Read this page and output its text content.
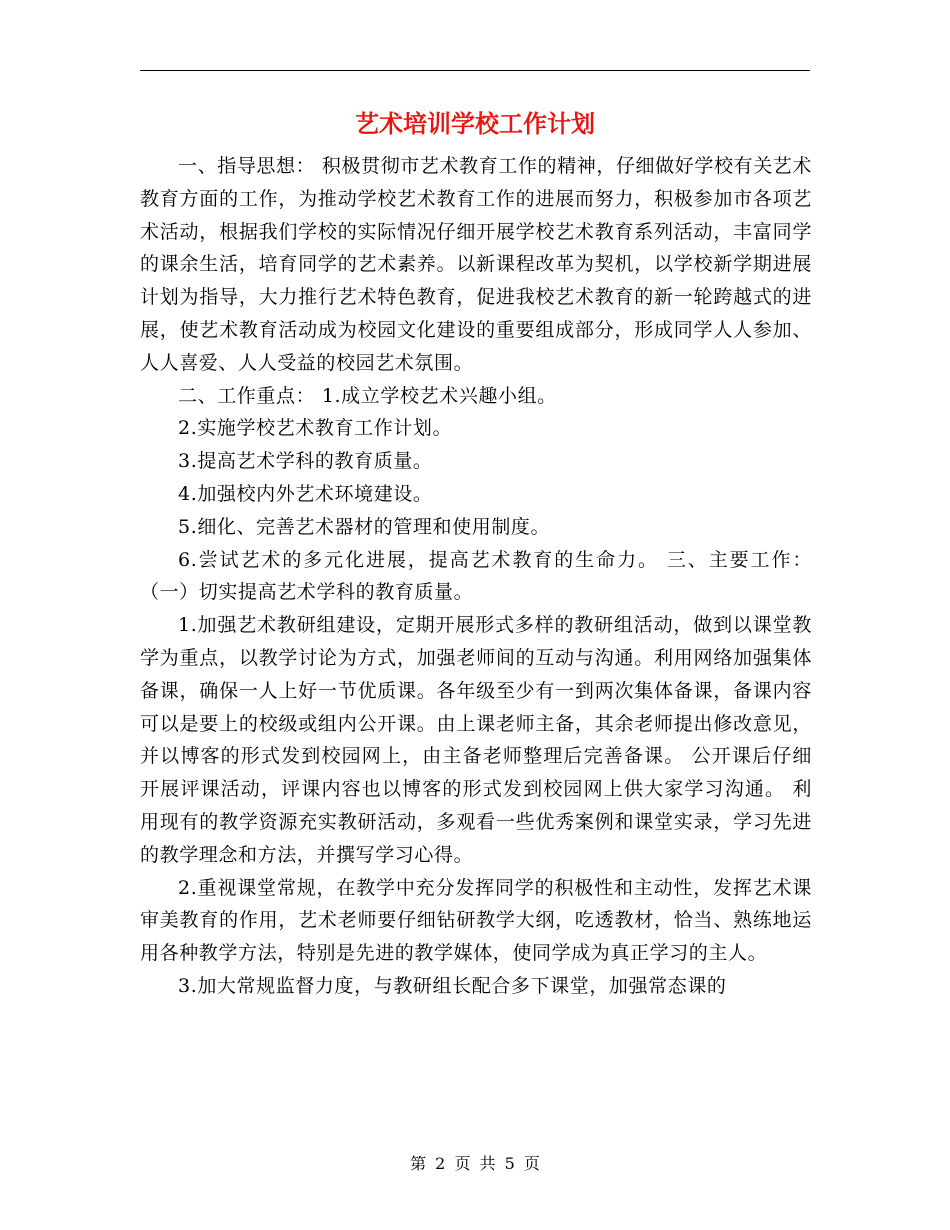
艺术培训学校工作计划

一、指导思想： 积极贯彻市艺术教育工作的精神，仔细做好学校有关艺术教育方面的工作，为推动学校艺术教育工作的进展而努力，积极参加市各项艺术活动，根据我们学校的实际情况仔细开展学校艺术教育系列活动，丰富同学的课余生活，培育同学的艺术素养。以新课程改革为契机，以学校新学期进展计划为指导，大力推行艺术特色教育，促进我校艺术教育的新一轮跨越式的进展，使艺术教育活动成为校园文化建设的重要组成部分，形成同学人人参加、人人喜爱、人人受益的校园艺术氛围。

二、工作重点： 1.成立学校艺术兴趣小组。

2.实施学校艺术教育工作计划。

3.提高艺术学科的教育质量。

4.加强校内外艺术环境建设。

5.细化、完善艺术器材的管理和使用制度。

6.尝试艺术的多元化进展，提高艺术教育的生命力。 三、主要工作： （一）切实提高艺术学科的教育质量。

1.加强艺术教研组建设，定期开展形式多样的教研组活动，做到以课堂教学为重点，以教学讨论为方式，加强老师间的互动与沟通。利用网络加强集体备课，确保一人上好一节优质课。各年级至少有一到两次集体备课，备课内容可以是要上的校级或组内公开课。由上课老师主备，其余老师提出修改意见，并以博客的形式发到校园网上，由主备老师整理后完善备课。 公开课后仔细开展评课活动，评课内容也以博客的形式发到校园网上供大家学习沟通。 利用现有的教学资源充实教研活动，多观看一些优秀案例和课堂实录，学习先进的教学理念和方法，并撰写学习心得。

2.重视课堂常规，在教学中充分发挥同学的积极性和主动性，发挥艺术课审美教育的作用，艺术老师要仔细钻研教学大纲，吃透教材，恰当、熟练地运用各种教学方法，特别是先进的教学媒体，使同学成为真正学习的主人。

3.加大常规监督力度，与教研组长配合多下课堂，加强常态课的

第 2 页 共 5 页
